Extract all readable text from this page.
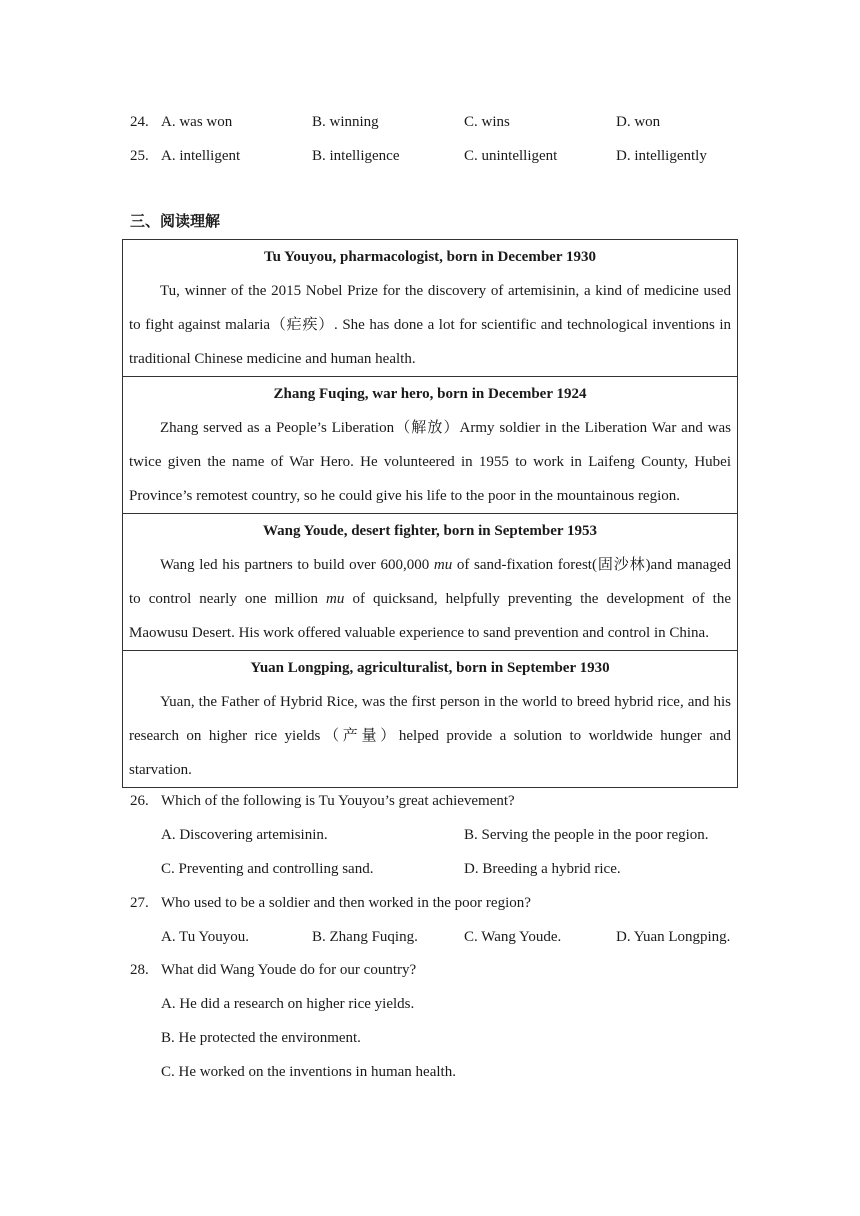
24. A. was won	B. winning	C. wins	D. won
25. A. intelligent	B. intelligence	C. unintelligent	D. intelligently
三、阅读理解
Tu Youyou, pharmacologist, born in December 1930
Tu, winner of the 2015 Nobel Prize for the discovery of artemisinin, a kind of medicine used to fight against malaria（疟疾）. She has done a lot for scientific and technological inventions in traditional Chinese medicine and human health.
Zhang Fuqing, war hero, born in December 1924
Zhang served as a People’s Liberation（解放）Army soldier in the Liberation War and was twice given the name of War Hero. He volunteered in 1955 to work in Laifeng County, Hubei Province’s remotest country, so he could give his life to the poor in the mountainous region.
Wang Youde, desert fighter, born in September 1953
Wang led his partners to build over 600,000 mu of sand-fixation forest(固沙林)and managed to control nearly one million mu of quicksand, helpfully preventing the development of the Maowusu Desert. His work offered valuable experience to sand prevention and control in China.
Yuan Longping, agriculturalist, born in September 1930
Yuan, the Father of Hybrid Rice, was the first person in the world to breed hybrid rice, and his research on higher rice yields（产量）helped provide a solution to worldwide hunger and starvation.
26. Which of the following is Tu Youyou’s great achievement?
A. Discovering artemisinin.	B. Serving the people in the poor region.
C. Preventing and controlling sand.	D. Breeding a hybrid rice.
27. Who used to be a soldier and then worked in the poor region?
A. Tu Youyou.	B. Zhang Fuqing.	C. Wang Youde.	D. Yuan Longping.
28. What did Wang Youde do for our country?
A. He did a research on higher rice yields.
B. He protected the environment.
C. He worked on the inventions in human health.
